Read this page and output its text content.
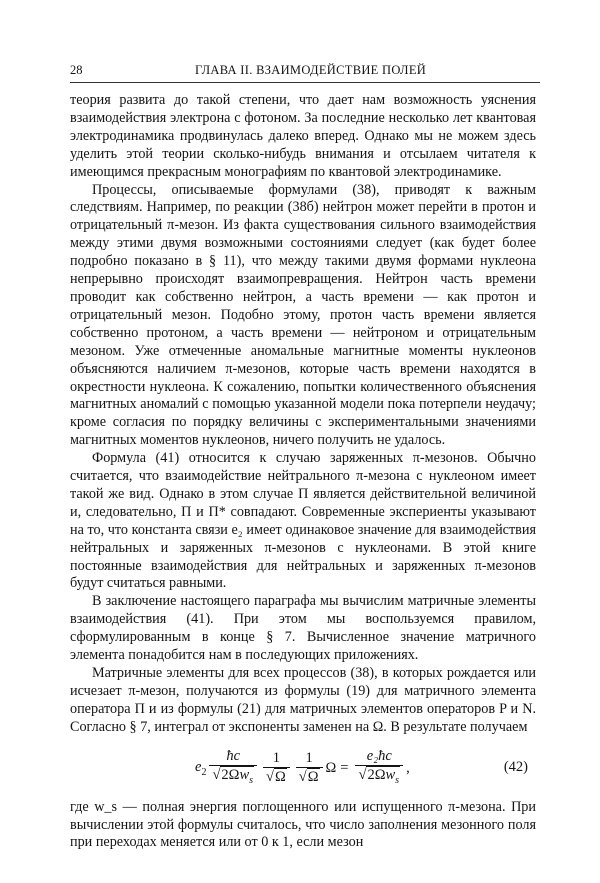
28	ГЛАВА II. ВЗАИМОДЕЙСТВИЕ ПОЛЕЙ

теория развита до такой степени, что дает нам возможность уяснения взаимодействия электрона с фотоном. За последние несколько лет квантовая электродинамика продвинулась далеко вперед. Однако мы не можем здесь уделить этой теории сколько-нибудь внимания и отсылаем читателя к имеющимся прекрасным монографиям по квантовой электродинамике.

Процессы, описываемые формулами (38), приводят к важным следствиям. Например, по реакции (38б) нейтрон может перейти в протон и отрицательный π-мезон. Из факта существования сильного взаимодействия между этими двумя возможными состояниями следует (как будет более подробно показано в § 11), что между такими двумя формами нуклеона непрерывно происходят взаимопревращения. Нейтрон часть времени проводит как собственно нейтрон, а часть времени — как протон и отрицательный мезон. Подобно этому, протон часть времени является собственно протоном, а часть времени — нейтроном и отрицательным мезоном. Уже отмеченные аномальные магнитные моменты нуклеонов объясняются наличием π-мезонов, которые часть времени находятся в окрестности нуклеона. К сожалению, попытки количественного объяснения магнитных аномалий с помощью указанной модели пока потерпели неудачу; кроме согласия по порядку величины с экспериментальными значениями магнитных моментов нуклеонов, ничего получить не удалось.

Формула (41) относится к случаю заряженных π-мезонов. Обычно считается, что взаимодействие нейтрального π-мезона с нуклеоном имеет такой же вид. Однако в этом случае Π является действительной величиной и, следовательно, Π и Π* совпадают. Современные экспериенты указывают на то, что константа связи e₂ имеет одинаковое значение для взаимодействия нейтральных и заряженных π-мезонов с нуклеонами. В этой книге постоянные взаимодействия для нейтральных и заряженных π-мезонов будут считаться равными.

В заключение настоящего параграфа мы вычислим матричные элементы взаимодействия (41). При этом мы воспользуемся правилом, сформулированным в конце § 7. Вычисленное значение матричного элемента понадобится нам в последующих приложениях.

Матричные элементы для всех процессов (38), в которых рождается или исчезает π-мезон, получаются из формулы (19) для матричного элемента оператора Π и из формулы (21) для матричных элементов операторов P и N. Согласно § 7, интеграл от экспоненты заменен на Ω. В результате получаем

$e_2 \frac{ħc}{√2\Omega w_s} \frac{1}{√\Omega} \frac{1}{√\Omega}$ $\Omega = \frac{\text{e₂ħc}}{√2\Omega w_s}$ ,	(42)

где w_s — полная энергия поглощенного или испущенного π-мезона. При вычислении этой формулы считалось, что число заполнения мезонного поля при переходах меняется или от 0 к 1, если мезон
